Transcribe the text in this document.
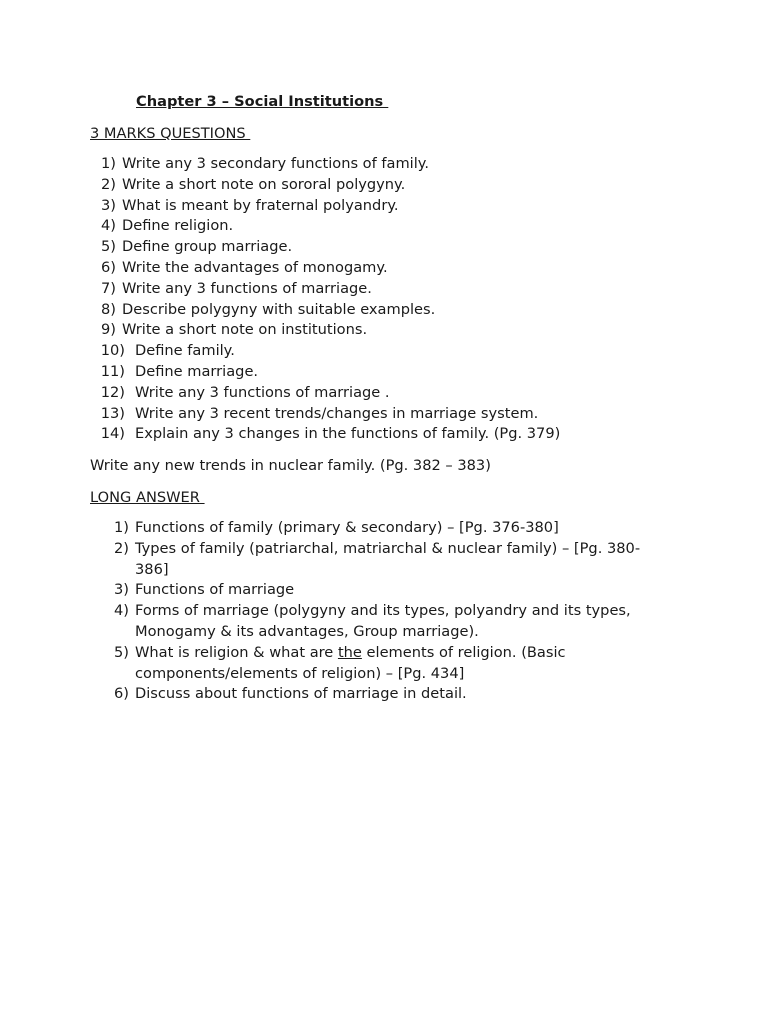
Chapter 3 – Social Institutions
3 MARKS QUESTIONS
1) Write any 3 secondary functions of family.
2) Write a short note on sororal polygyny.
3) What is meant by fraternal polyandry.
4) Define religion.
5) Define group marriage.
6) Write the advantages of monogamy.
7) Write any 3 functions of marriage.
8) Describe polygyny with suitable examples.
9) Write a short note on institutions.
10) Define family.
11) Define marriage.
12) Write any 3 functions of marriage .
13) Write any 3 recent trends/changes in marriage system.
14) Explain any 3 changes in the functions of family. (Pg. 379)
Write any new trends in nuclear family. (Pg. 382 – 383)
LONG ANSWER
1) Functions of family (primary & secondary) – [Pg. 376-380]
2) Types of family (patriarchal, matriarchal & nuclear family) – [Pg. 380-386]
3) Functions of marriage
4) Forms of marriage (polygyny and its types, polyandry and its types, Monogamy & its advantages, Group marriage).
5) What is religion & what are the elements of religion. (Basic components/elements of religion) – [Pg. 434]
6) Discuss about functions of marriage in detail.
